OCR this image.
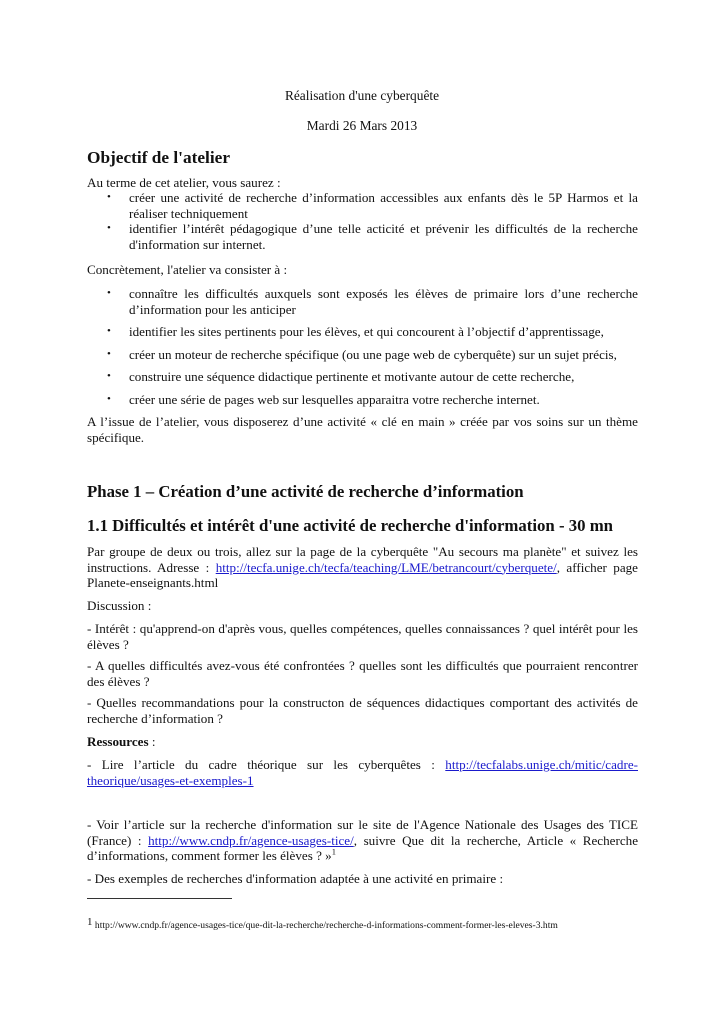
Réalisation d'une cyberquête
Mardi 26 Mars 2013
Objectif de l'atelier
Au terme de cet atelier, vous saurez :
• créer une activité de recherche d’information accessibles aux enfants dès le 5P Harmos et la réaliser techniquement
• identifier l’intérêt pédagogique d’une telle acticité et prévenir les difficultés de la recherche d'information sur internet.
Concrètement, l'atelier va consister à :
• connaître les difficultés auxquels sont exposés les élèves de primaire lors d’une recherche d’information pour les anticiper
• identifier les sites pertinents pour les élèves, et qui concourent à l’objectif d’apprentissage,
• créer un moteur de recherche spécifique (ou une page web de cyberquête) sur un sujet précis,
• construire une séquence didactique pertinente et motivante autour de cette recherche,
• créer une série de pages web sur lesquelles apparaitra votre recherche internet.
A l’issue de l’atelier, vous disposerez d’une activité « clé en main » créée par vos soins sur un thème spécifique.
Phase 1 – Création d’une activité de recherche d’information
1.1 Difficultés et intérêt d'une activité de recherche d'information - 30 mn
Par groupe de deux ou trois, allez sur la page de la cyberquête "Au secours ma planète" et suivez les instructions. Adresse : http://tecfa.unige.ch/tecfa/teaching/LME/betrancourt/cyberquete/, afficher page Planete-enseignants.html
Discussion :
- Intérêt : qu'apprend-on d'après vous, quelles compétences, quelles connaissances ? quel intérêt pour les élèves ?
- A quelles difficultés avez-vous été confrontées ? quelles sont les difficultés que pourraient rencontrer des élèves ?
- Quelles recommandations pour la constructon de séquences didactiques comportant des activités de recherche d’information ?
Ressources :
- Lire l’article du cadre théorique sur les cyberquêtes : http://tecfalabs.unige.ch/mitic/cadre-theorique/usages-et-exemples-1
- Voir l’article sur la recherche d'information sur le site de l'Agence Nationale des Usages des TICE (France) : http://www.cndp.fr/agence-usages-tice/, suivre Que dit la recherche, Article « Recherche d’informations, comment former les élèves ? »$^1$
- Des exemples de recherches d'information adaptée à une activité en primaire :
$^1$ http://www.cndp.fr/agence-usages-tice/que-dit-la-recherche/recherche-d-informations-comment-former-les-eleves-3.htm
